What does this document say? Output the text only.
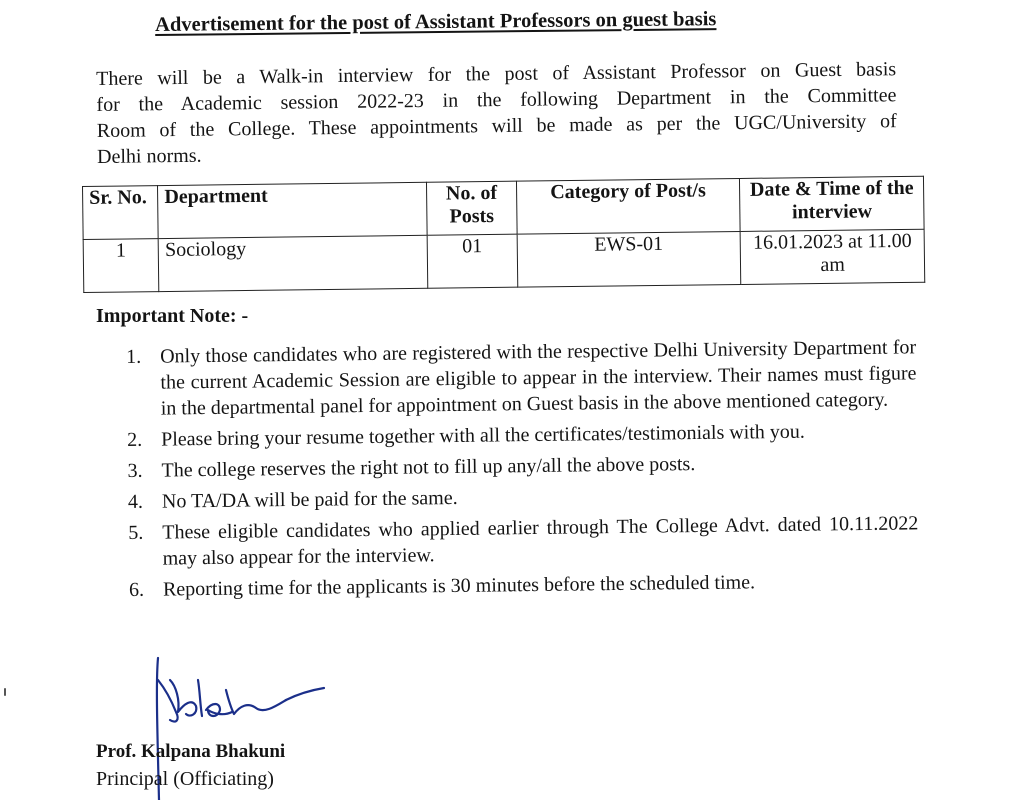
Advertisement for the post of Assistant Professors on guest basis
There will be a Walk-in interview for the post of Assistant Professor on Guest basis
for the Academic session 2022-23 in the following Department in the Committee
Room of the College. These appointments will be made as per the UGC/University of
Delhi norms.
Sr. No.	Department	No. of Posts	Category of Post/s	Date & Time of the interview
1	Sociology	01	EWS-01	16.01.2023 at 11.00 am
Important Note: -
1. Only those candidates who are registered with the respective Delhi University Department for the current Academic Session are eligible to appear in the interview. Their names must figure in the departmental panel for appointment on Guest basis in the above mentioned category.
2. Please bring your resume together with all the certificates/testimonials with you.
3. The college reserves the right not to fill up any/all the above posts.
4. No TA/DA will be paid for the same.
5. These eligible candidates who applied earlier through The College Advt. dated 10.11.2022 may also appear for the interview.
6. Reporting time for the applicants is 30 minutes before the scheduled time.
Prof. Kalpana Bhakuni
Principal (Officiating)
